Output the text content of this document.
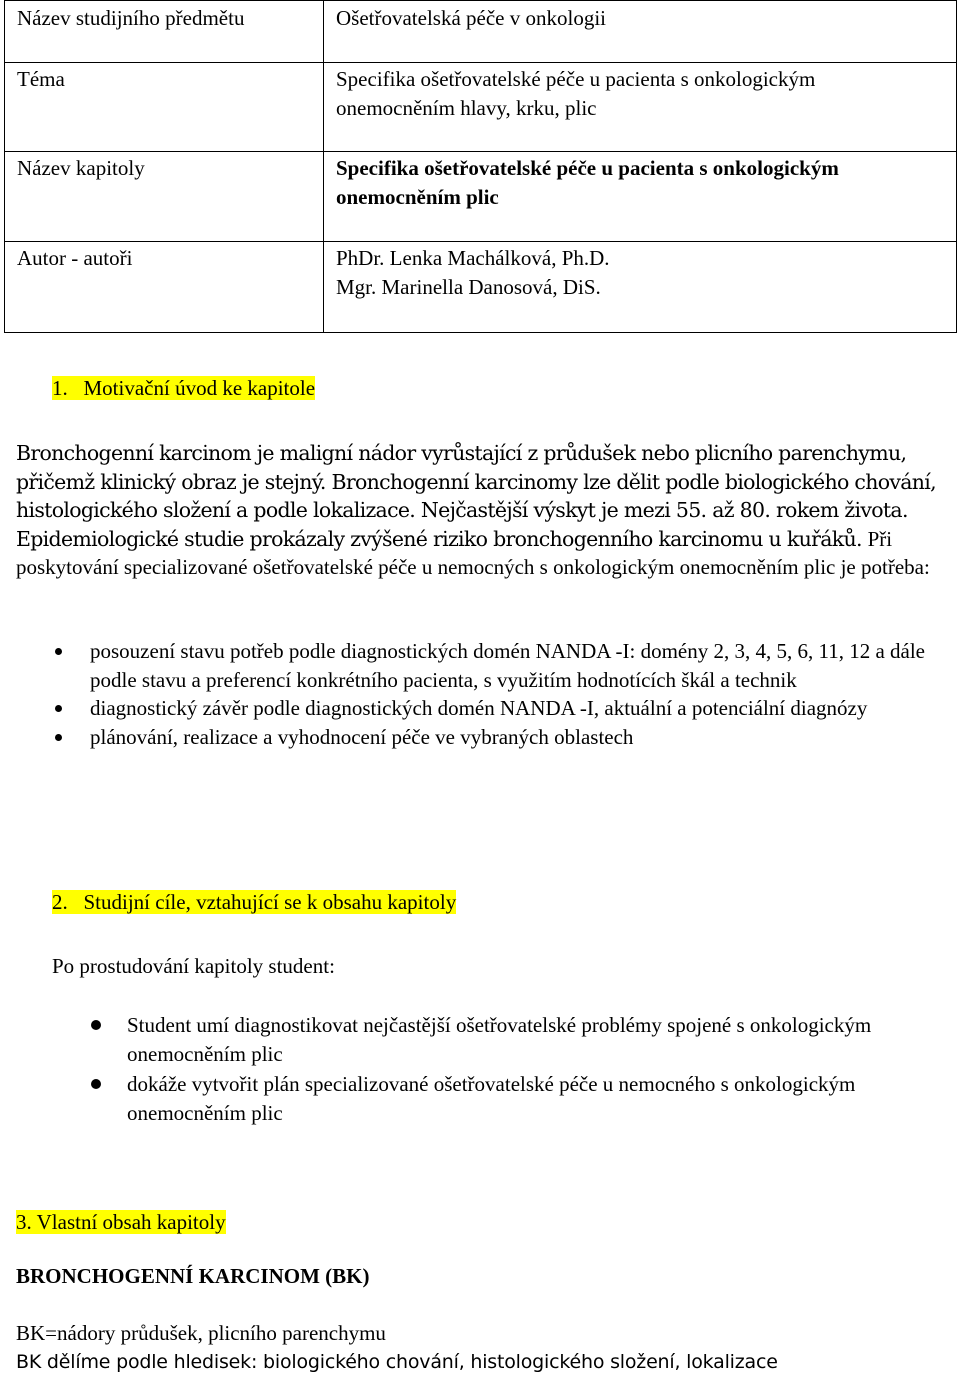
Název studijního předmětu	Ošetřovatelská péče v onkologii
Téma	Specifika ošetřovatelské péče u pacienta s onkologickým onemocněním hlavy, krku, plic
Název kapitoly	Specifika ošetřovatelské péče u pacienta s onkologickým onemocněním plic
Autor - autoři	PhDr. Lenka Machálková, Ph.D.
Mgr. Marinella Danosová, DiS.
1.   Motivační úvod ke kapitole
Bronchogenní karcinom je maligní nádor vyrůstající z průdušek nebo plicního parenchymu, přičemž klinický obraz je stejný. Bronchogenní karcinomy lze dělit podle biologického chování, histologického složení a podle lokalizace. Nejčastější výskyt je mezi 55. až 80. rokem života. Epidemiologické studie prokázaly zvýšené riziko bronchogenního karcinomu u kuřáků. Při poskytování specializované ošetřovatelské péče u nemocných s onkologickým onemocněním plic je potřeba:
posouzení stavu potřeb podle diagnostických domén NANDA -I: domény 2, 3, 4, 5, 6, 11, 12 a dále podle stavu a preferencí konkrétního pacienta, s využitím hodnotících škál a technik
diagnostický závěr podle diagnostických domén NANDA -I, aktuální a potenciální diagnózy
plánování, realizace a vyhodnocení péče ve vybraných oblastech
2.   Studijní cíle, vztahující se k obsahu kapitoly
Po prostudování kapitoly student:
Student umí diagnostikovat nejčastější ošetřovatelské problémy spojené s onkologickým onemocněním plic
dokáže vytvořit plán specializované ošetřovatelské péče u nemocného s onkologickým onemocněním plic
3. Vlastní obsah kapitoly
BRONCHOGENNÍ KARCINOM (BK)
BK=nádory průdušek, plicního parenchymu
BK dělíme podle hledisek: biologického chování, histologického složení, lokalizace
